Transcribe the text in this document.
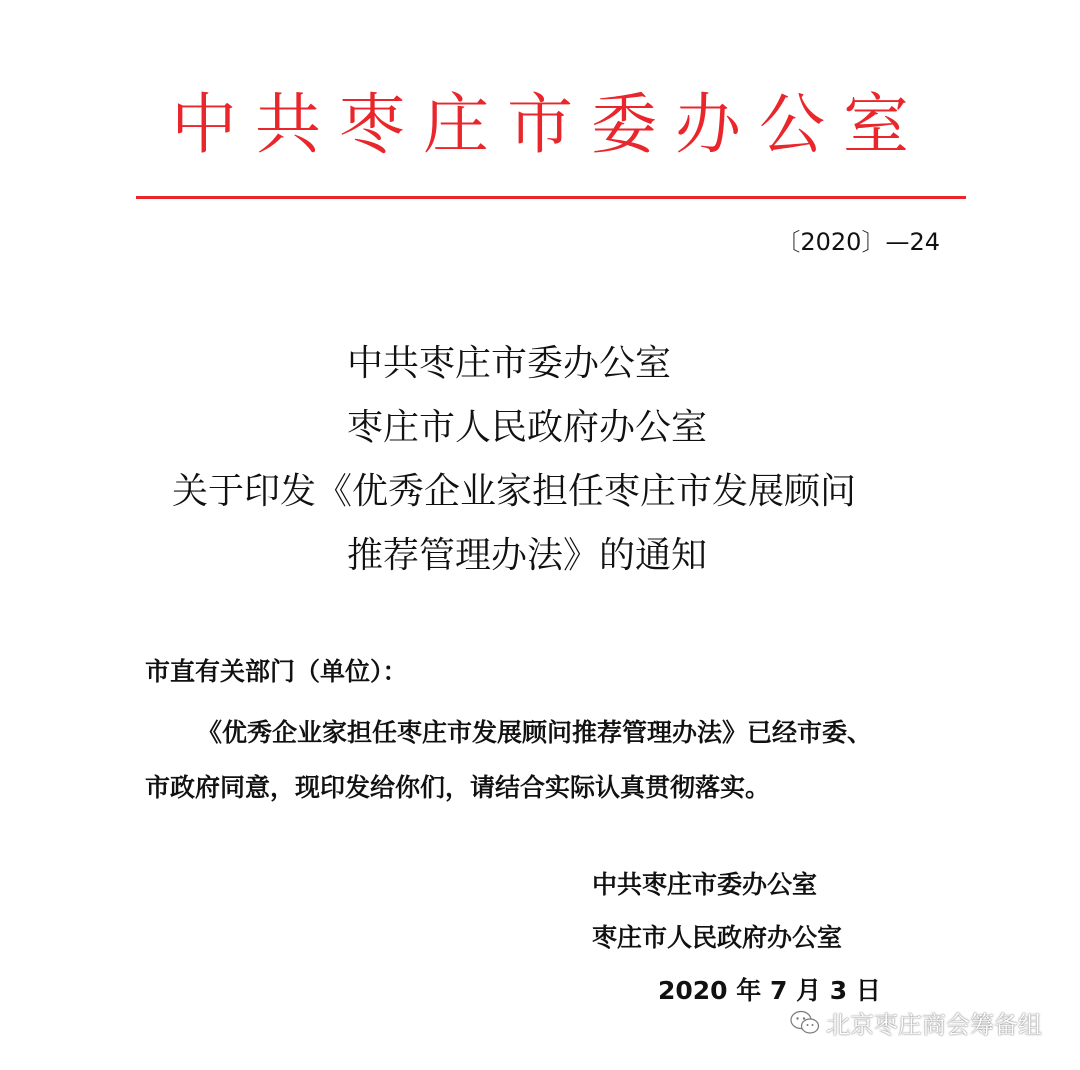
中共枣庄市委办公室
〔2020〕—24
中共枣庄市委办公室
枣庄市人民政府办公室
关于印发《优秀企业家担任枣庄市发展顾问
推荐管理办法》的通知
市直有关部门（单位）：
《优秀企业家担任枣庄市发展顾问推荐管理办法》已经市委、
市政府同意，现印发给你们，请结合实际认真贯彻落实。
中共枣庄市委办公室
枣庄市人民政府办公室
2020 年 7 月 3 日
北京枣庄商会筹备组
